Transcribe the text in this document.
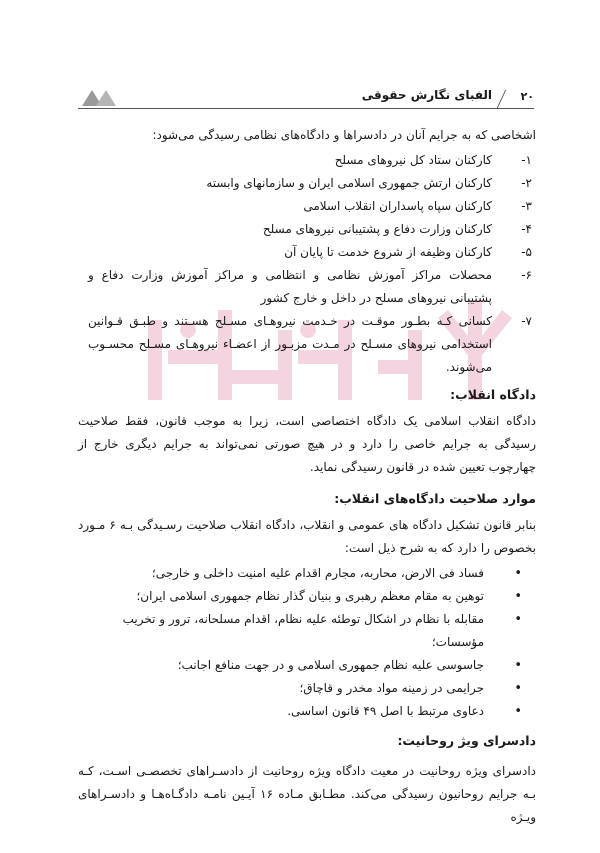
۲۰
الفبای نگارش حقوقی

اشخاصی که به جرایم آنان در دادسراها و دادگاه‌های نظامی رسیدگی می‌شود:

۱-
کارکنان ستاد کل نیروهای مسلح
۲-
کارکنان ارتش جمهوری اسلامی ایران و سازمانهای وابسته
۳-
کارکنان سپاه پاسداران انقلاب اسلامی
۴-
کارکنان وزارت دفاع و پشتیبانی نیروهای مسلح
۵-
کارکنان وظیفه از شروع خدمت تا پایان آن
۶-
محصلات مراکز آموزش نظامی و انتظامی و مراکز آموزش وزارت دفاع و پشتیبانی نیروهای مسلح در داخل و خارج کشور
۷-
کسانی کـه بطـور موقـت در خـدمت نیروهـای مسـلح هسـتند و طبـق قـوانین استخدامی نیروهای مسـلح در مـدت مزبـور از اعضـاء نیروهـای مسـلح محسـوب می‌شوند.
دادگاه انقلاب:

دادگاه انقلاب اسلامی یک دادگاه اختصاصی است، زیرا به موجب قانون، فقط صلاحیت رسیدگی به جرایم خاصی را دارد و در هیچ صورتی نمی‌تواند به جرایم دیگری خارج از چهارچوب تعیین شده در قانون رسیدگی نماید.

موارد صلاحیت دادگاه‌های انقلاب:

بنابر قانون تشکیل دادگاه های عمومی و انقلاب، دادگاه انقلاب صلاحیت رسـیدگی بـه ۶ مـورد بخصوص را دارد که به شرح ذیل است:

• فساد فی الارض، محاربه، مجارم اقدام علیه امنیت داخلی و خارجی؛
• توهین به مقام معظم رهبری و بنیان گذار نظام جمهوری اسلامی ایران؛
• مقابله با نظام در اشکال توطئه علیه نظام، اقدام مسلحانه، ترور و تخریب مؤسسات؛
• جاسوسی علیه نظام جمهوری اسلامی و در جهت منافع اجانب؛
• جرایمی در زمینه مواد مخدر و قاچاق؛
• دعاوی مرتبط با اصل ۴۹ قانون اساسی.
دادسرای ویژ روحانیت:

دادسرای ویژه روحانیت در معیت دادگاه ویژه روحانیت از دادسـراهای تخصصـی اسـت، کـه بـه جرایم روحانیون رسیدگی می‌کند. مطـابق مـاده ۱۶ آیـین نامـه دادگـاه‌هـا و دادسـراهای ویـژه
